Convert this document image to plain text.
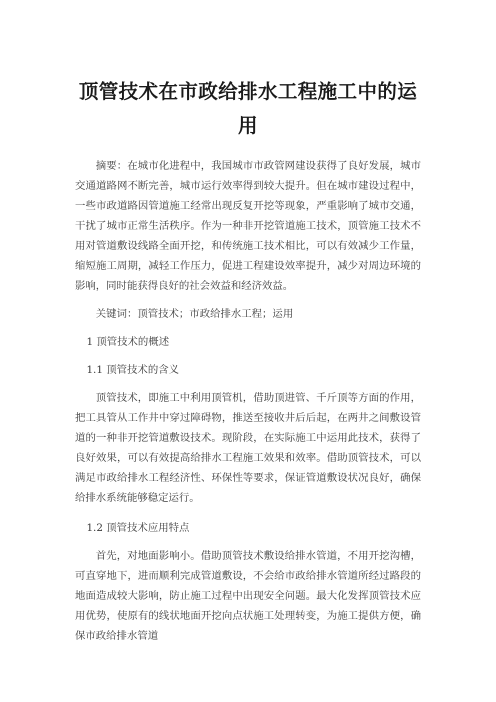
顶管技术在市政给排水工程施工中的运
用

摘要：在城市化进程中，我国城市市政管网建设获得了良好发展，城市交通道路网不断完善，城市运行效率得到较大提升。但在城市建设过程中，一些市政道路因管道施工经常出现反复开挖等现象，严重影响了城市交通，干扰了城市正常生活秩序。作为一种非开挖管道施工技术，顶管施工技术不用对管道敷设线路全面开挖，和传统施工技术相比，可以有效减少工作量，缩短施工周期，减轻工作压力，促进工程建设效率提升，减少对周边环境的影响，同时能获得良好的社会效益和经济效益。

关键词：顶管技术；市政给排水工程；运用

1 顶管技术的概述
1.1 顶管技术的含义

顶管技术，即施工中利用顶管机，借助顶进管、千斤顶等方面的作用，把工具管从工作井中穿过障碍物，推送至接收井后后起，在两井之间敷设管道的一种非开挖管道敷设技术。现阶段，在实际施工中运用此技术，获得了良好效果，可以有效提高给排水工程施工效果和效率。借助顶管技术，可以满足市政给排水工程经济性、环保性等要求，保证管道敷设状况良好，确保给排水系统能够稳定运行。

1.2 顶管技术应用特点

首先，对地面影响小。借助顶管技术敷设给排水管道，不用开挖沟槽，可直穿地下，进而顺利完成管道敷设，不会给市政给排水管道所经过路段的地面造成较大影响，防止施工过程中出现安全问题。最大化发挥顶管技术应用优势，使原有的线状地面开挖向点状施工处理转变，为施工提供方便，确保市政给排水管道
